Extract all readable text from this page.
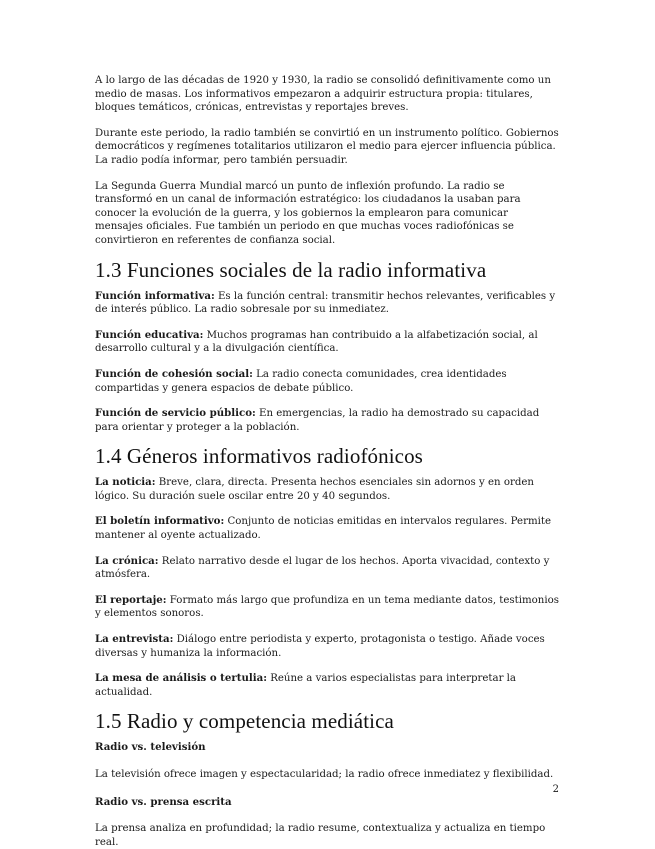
A lo largo de las décadas de 1920 y 1930, la radio se consolidó definitivamente como un medio de masas. Los informativos empezaron a adquirir estructura propia: titulares, bloques temáticos, crónicas, entrevistas y reportajes breves.

Durante este periodo, la radio también se convirtió en un instrumento político. Gobiernos democráticos y regímenes totalitarios utilizaron el medio para ejercer influencia pública. La radio podía informar, pero también persuadir.

La Segunda Guerra Mundial marcó un punto de inflexión profundo. La radio se transformó en un canal de información estratégico: los ciudadanos la usaban para conocer la evolución de la guerra, y los gobiernos la emplearon para comunicar mensajes oficiales. Fue también un periodo en que muchas voces radiofónicas se convirtieron en referentes de confianza social.

1.3 Funciones sociales de la radio informativa

Función informativa: Es la función central: transmitir hechos relevantes, verificables y de interés público. La radio sobresale por su inmediatez.

Función educativa: Muchos programas han contribuido a la alfabetización social, al desarrollo cultural y a la divulgación científica.

Función de cohesión social: La radio conecta comunidades, crea identidades compartidas y genera espacios de debate público.

Función de servicio público: En emergencias, la radio ha demostrado su capacidad para orientar y proteger a la población.

1.4 Géneros informativos radiofónicos

La noticia: Breve, clara, directa. Presenta hechos esenciales sin adornos y en orden lógico. Su duración suele oscilar entre 20 y 40 segundos.

El boletín informativo: Conjunto de noticias emitidas en intervalos regulares. Permite mantener al oyente actualizado.

La crónica: Relato narrativo desde el lugar de los hechos. Aporta vivacidad, contexto y atmósfera.

El reportaje: Formato más largo que profundiza en un tema mediante datos, testimonios y elementos sonoros.

La entrevista: Diálogo entre periodista y experto, protagonista o testigo. Añade voces diversas y humaniza la información.

La mesa de análisis o tertulia: Reúne a varios especialistas para interpretar la actualidad.

1.5 Radio y competencia mediática
Radio vs. televisión

La televisión ofrece imagen y espectacularidad; la radio ofrece inmediatez y flexibilidad.

Radio vs. prensa escrita

La prensa analiza en profundidad; la radio resume, contextualiza y actualiza en tiempo real.

2
